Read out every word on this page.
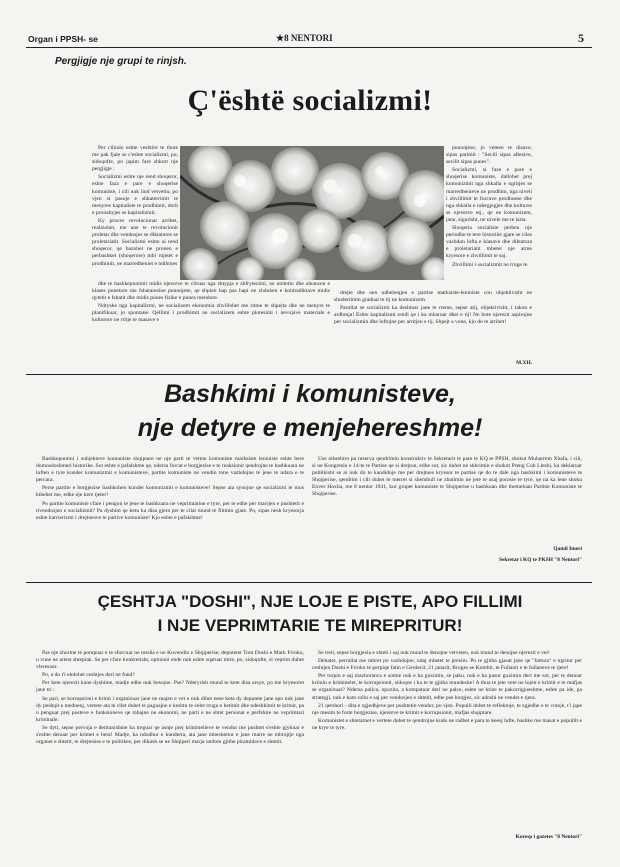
Organ i PPSH- se	★8 NENTORI	5
Pergjigje nje grupi te rinjsh.
Ç'është socializmi!

Per cilindo eshte veshtire te thote me pak fjale se c'eshte socializmi, po, sidoqofte, po japim fare shkurt nje pergjigje :

Socializmi eshte nje rend shoqeror, eshte faza e pare e shoqerise komuniste, i cili nuk lind vetvetiu, po vjen si pasoje e shkaterrimit te menyres kapitaliste te prodhimit, dorh e pronabyjes se kapitalizmit.

Ky proces revolucionar arrihet, realizohet, me ane te revolucionit proletar dhe vendosjes se diktatures se proletariatit. Socializmi eshte ai rend shoqeror, qe bazohet ne pronen e perbashket (shoqerore) mbi mjetet e prodhimit, ne marredheniet e ndihmes

dhe te bashkepunimit midis njerezve te cliruar nga shtypja e shfrytezimi, ne unitetin dhe aleancen e klases punetore me fshataresine punonjese, qe shpien hap pas hapi ne zhduken e kontradiktave midis qytetit e fshatit dhe midis punes fizike e punes mendore.

Ndryshe nga kapitalizmi, ne socializem ekonomia zhvillohet me ritme te shpejta dhe ne menyre te planifikuar, jo spontane. Qellimi i prodhimit ne socializem eshte plotesimi i nevojave materiale e kulturore ne rritje te masave e

punonjese, jo veteen te disave, sipas parimit : "Secili sipas aftesive, secilit sipas punes".

Socializmi, si faze e pare e shoqerise komuniste, dallohet prej komunizmit nga shkalla e ngritjes se marredhenieve ne prodhim, nga niveli i zhvillimit te forcave prodhuese dhe nga shkalla e ndergjegjes dhe kultures se njerezve etj., qe ne komunizem, jane, sigurisht, ne nivele me te larta.

Shoqeria socialiste perben nje periudhe te tere historike gjate se ciles vazhdon lufta e klasave dhe diktatura e proletariatit mbetet nje arme kryesore e zhvillimit te saj.

Zhvillimi i socializmit ne rruge te

drejte dhe nen udheheqjen e partise marksiste-leniniste con objektivisht ne shndertimin gradual te tij ne komunizem.

Parullat se socializmi ka deshtuar jane te rreme, sepse atij, objektivisht, i takon e ardhmja! Eshte kapitalizmi rendi qe i ka mbaruar dhet e tij! Ne bote njerezit aspirojne per socializmin dhe luftojne per arritjen e tij. Shpejt a vone, kjo do te arrihet!

M.XH.
Bashkimi i komunisteve,
nje detyre e menjehereshme!

Bashkepunimi i subjekteve komuniste shqiptare ne nje parti te vetme komuniste marksiste leniniste eshte bere domosdoshmeri historike. Sot eshte e pafalshme qe, ndersa forcat e borgjezise e te reaksionit qendrojne te bashkuara ne luften e tyre kunder komunizmit e komunisteve, partite komuniste ne vendin tone vazhdojne te jene te ndara e te percara.

Perse partite e borgjezise bashkohen kunder komunizmit e komunisteve! Sepse ata synojne qe socializmi te mos kthehet me, edhe nje here tjeter!

Po partite komuniste cfare i pengon te jene te bashkuara ne veprimtarine e tyre, per te edhe per marrjen e pushtetit e rivendosjen e socializmit? Pa dyshim qe ketu ka disa gjera per te cilat mund te flitmin gjate. Po, sipas nesh kryesorja eshte karrierizmi i drejtuesve te partive komuniste! Kjo eshte e pafalshme!

Use nibeshtro pa rezerva qendrimin konstruktiv te Sekretarit te pare te KQ te PPSH, shokut Muharrem Xhafa, i cili, si ne Kongresin e 14-te te Partise qe si drejton, edhe sot, sic duhet ne shkrimin e shokut Preng Cub Lleshi, ka deklaruar publikisht se ai nuk do te kandidoje me per drejtues kryesor te partise qe do te dale nga bashkimi i komunisteve te Shqiperise, qendrim i cili duhet te merret si shembull ne zbatimin ne jete te asaj porosie te tyre, qe na ka lene shoku Enver Hoxha, me 8 nentor 1941, kur grupet komuniste te Shqiperise u bashkuan dhe themeluan Partine Komuniste te Shqiperise.

Qamil Imeri
Sekretar i KQ te PKSH "8 Nentori"
ÇESHTJA "DOSHI", NJE LOJE E PISTE, APO FILLIMI
I NJE VEPRIMTARIE TE MIREPRITUR!

Pas nje zhurme te pompuar e te sforcuar ne media e ne Kuvendin e Shqiperise, deputetet Tom Doshi e Mark Frroku, u vune ne artest shtepiak. Se per cfare konkretisht, opinioni ende nuk eshte sqaruar mire, po, sidoqofte, si veprim duhet vleresuar.

Po, a do t'i ekdohet ceshtjes deri ne fund?

Per kete njerezit kane dyshime, madje edhe nuk besojne. Pse? Nderyrish mund te kete disa arsye, po me kryesoret jane tri :

Se pari, se korrupsioni e krimi i organizuar jane ne majen e vet e nuk dihet nese keta dy deputete jane apo nuk jane dy peshqit e mednenj, vertete ata te cilet duhet te paguajne e keshtu te celet rruga e hetimit dhe ndeshkimit te krimit, pa u penguar prej posteve e funksioneve qe mbajne ne ekonomi, ne parti e ne shtet personat e perfshire ne veprimtari kriminale.

Se dyti, sepse pervoja e deritanishme ka treguar qe asnje prej kriminelieve te vendur me pushtet s'eshte gjykuar e s'eshte denuar per krimet e bera! Madje, ka ndodhur e kunderta, ata jane mbeshtetur e jane marre ne mbrojtje nga organet e shtetit, te drejtesise e te politikes, per dikush se ne Shqiperi marja undom gjithe piramidave e shtetit.

Se treti, sepse borgjezia e shteti i saj nuk mund te denojne vetveten, nuk mund te denojne njerezit e vet!

Debatet, perrallat me mbret po vazhdojne, ndaj mbetet te presim. Po te gjitha gjasat jane qe "fattura" e ngritur per ceshtjen Doshi e Frroku te perpiqe fatin e Gerdecit, 21 janarit, Rruges se Kombit, te Fullanit e te fullaneve te tjere!

Per turpin e saj mazhoranca e sotme nuk e ka guximin, se paku, nuk e ka pasur guximin deri me sot, per te dennar krimin e kriminelet, te korrupsionit, sidoqoe i ka te te gjitha mundesite! A thua te jete vete ne lojen e krimit e te mafjas se organizuar? Ndersa palica, opozita, a kompatuar deri ne palce, eshte ne krize te pakorrigjueshme, eshte pa ide, pa strategji, nuk e kam rolin e saj per vendosjen e shtetit, edhe pse borgjez, sic adoshi ne vendet e tjera.

21 qershori - dita e zgjedhjeve per pushtetin vendor, po vjen. Populli duhet te reflektoje, te zgjedhe e te votoje, t'i jape nje mesim te forte borgjezise, njerezve te krimit e korrupsionit, mafjas shqiptare.

Komunistet e shtetarnet e vertete duhet te qendrojne kudo ne radhet e para te keesj lufte, bashke me masat e popullit e ne krye te tyre.

Koresp i gazetes "8 Nentori"
